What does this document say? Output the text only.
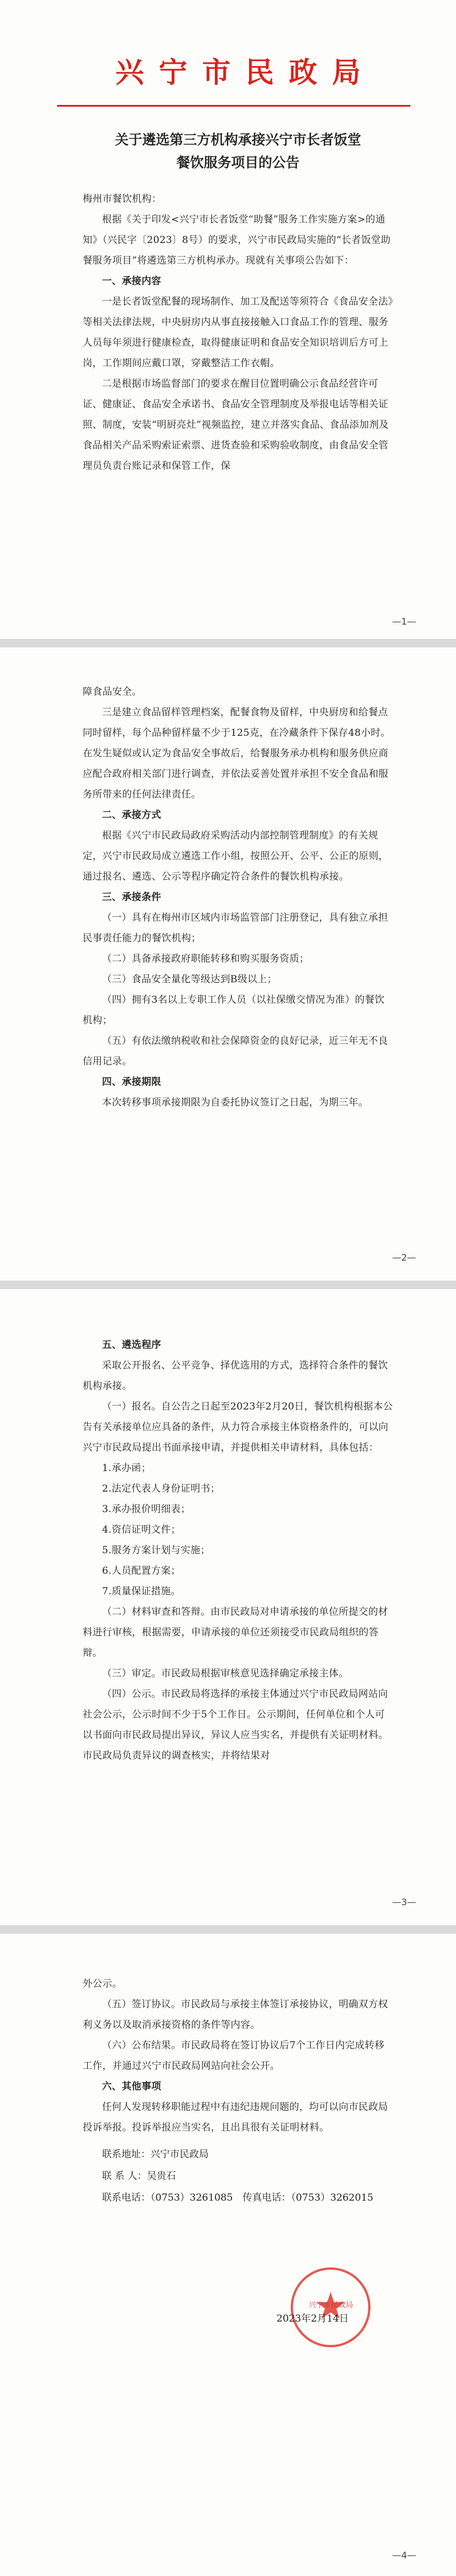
兴宁市民政局
关于遴选第三方机构承接兴宁市长者饭堂
餐饮服务项目的公告

梅州市餐饮机构：

根据《关于印发<兴宁市长者饭堂“助餐”服务工作实施方案>的通知》（兴民字〔2023〕8号）的要求，兴宁市民政局实施的“长者饭堂助餐服务项目”将遴选第三方机构承办。现就有关事项公告如下：

一、承接内容

一是长者饭堂配餐的现场制作、加工及配送等须符合《食品安全法》等相关法律法规，中央厨房内从事直接接触入口食品工作的管理、服务人员每年须进行健康检查，取得健康证明和食品安全知识培训后方可上岗，工作期间应戴口罩，穿戴整洁工作衣帽。

二是根据市场监督部门的要求在醒目位置明确公示食品经营许可证、健康证、食品安全承诺书、食品安全管理制度及举报电话等相关证照、制度，安装“明厨亮灶”视频监控，建立并落实食品、食品添加剂及食品相关产品采购索证索票、进货查验和采购验收制度，由食品安全管理员负责台账记录和保管工作，保

—1—

障食品安全。

三是建立食品留样管理档案，配餐食物及留样，中央厨房和给餐点同时留样，每个品种留样量不少于125克，在冷藏条件下保存48小时。在发生疑似或认定为食品安全事故后，给餐服务承办机构和服务供应商应配合政府相关部门进行调查，并依法妥善处置并承担不安全食品和服务所带来的任何法律责任。

二、承接方式

根据《兴宁市民政局政府采购活动内部控制管理制度》的有关规定，兴宁市民政局成立遴选工作小组，按照公开、公平、公正的原则，通过报名、遴选、公示等程序确定符合条件的餐饮机构承接。

三、承接条件

（一）具有在梅州市区域内市场监管部门注册登记，具有独立承担民事责任能力的餐饮机构；

（二）具备承接政府职能转移和购买服务资质；

（三）食品安全量化等级达到B级以上；

（四）拥有3名以上专职工作人员（以社保缴交情况为准）的餐饮机构；

（五）有依法缴纳税收和社会保障资金的良好记录，近三年无不良信用记录。

四、承接期限

本次转移事项承接期限为自委托协议签订之日起，为期三年。

—2—

五、遴选程序

采取公开报名、公平竞争、择优选用的方式，选择符合条件的餐饮机构承接。

（一）报名。自公告之日起至2023年2月20日，餐饮机构根据本公告有关承接单位应具备的条件，从力符合承接主体资格条件的，可以向兴宁市民政局提出书面承接申请，并提供相关申请材料，具体包括：

1.承办函；

2.法定代表人身份证明书；

3.承办报价明细表；

4.资信证明文件；

5.服务方案计划与实施；

6.人员配置方案；

7.质量保证措施。

（二）材料审查和答辩。由市民政局对申请承接的单位所提交的材料进行审核，根据需要，申请承接的单位还须接受市民政局组织的答辩。

（三）审定。市民政局根据审核意见选择确定承接主体。

（四）公示。市民政局将选择的承接主体通过兴宁市民政局网站向社会公示，公示时间不少于5个工作日。公示期间，任何单位和个人可以书面向市民政局提出异议，异议人应当实名，并提供有关证明材料。市民政局负责异议的调查核实，并将结果对

—3—

外公示。

（五）签订协议。市民政局与承接主体签订承接协议，明确双方权利义务以及取消承接资格的条件等内容。

（六）公布结果。市民政局将在签订协议后7个工作日内完成转移工作，并通过兴宁市民政局网站向社会公开。

六、其他事项

任何人发现转移职能过程中有违纪违规问题的，均可以向市民政局投诉举报。投诉举报应当实名，且出具很有关证明材料。

联系地址：兴宁市民政局
联 系 人：吴贵石
联系电话：（0753）3261085　传真电话：（0753）3262015
兴宁市民政局
2023年2月14日
—4—
